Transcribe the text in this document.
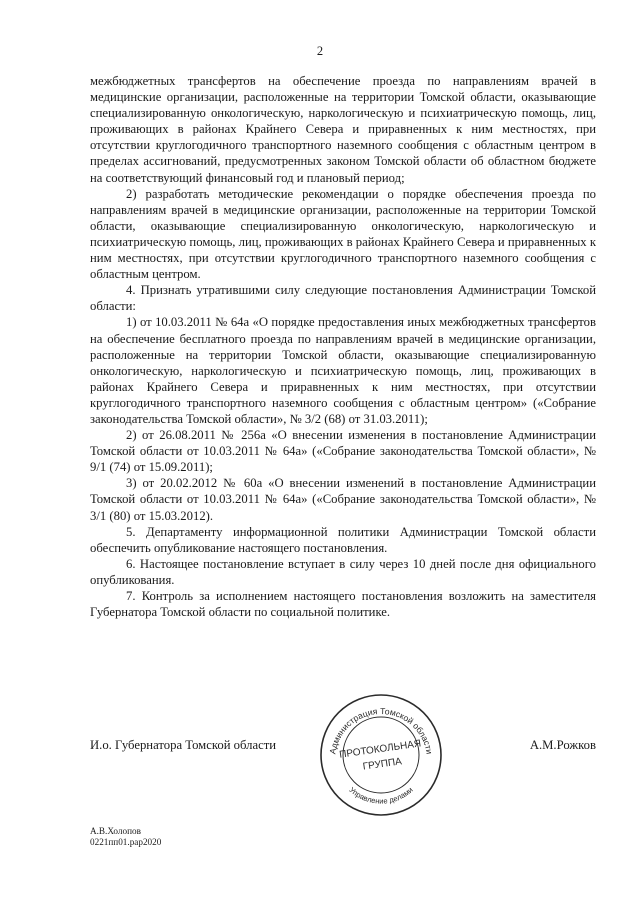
2

межбюджетных трансфертов на обеспечение проезда по направлениям врачей в медицинские организации, расположенные на территории Томской области, оказывающие специализированную онкологическую, наркологическую и психиатрическую помощь, лиц, проживающих в районах Крайнего Севера и приравненных к ним местностях, при отсутствии круглогодичного транспортного наземного сообщения с областным центром в пределах ассигнований, предусмотренных законом Томской области об областном бюджете на соответствующий финансовый год и плановый период;

2) разработать методические рекомендации о порядке обеспечения проезда по направлениям врачей в медицинские организации, расположенные на территории Томской области, оказывающие специализированную онкологическую, наркологическую и психиатрическую помощь, лиц, проживающих в районах Крайнего Севера и приравненных к ним местностях, при отсутствии круглогодичного транспортного наземного сообщения с областным центром.

4. Признать утратившими силу следующие постановления Администрации Томской области:

1) от 10.03.2011 № 64а «О порядке предоставления иных межбюджетных трансфертов на обеспечение бесплатного проезда по направлениям врачей в медицинские организации, расположенные на территории Томской области, оказывающие специализированную онкологическую, наркологическую и психиатрическую помощь, лиц, проживающих в районах Крайнего Севера и приравненных к ним местностях, при отсутствии круглогодичного транспортного наземного сообщения с областным центром» («Собрание законодательства Томской области», № 3/2 (68) от 31.03.2011);

2) от 26.08.2011 № 256а «О внесении изменения в постановление Администрации Томской области от 10.03.2011 № 64а» («Собрание законодательства Томской области», № 9/1 (74) от 15.09.2011);

3) от 20.02.2012 № 60а «О внесении изменений в постановление Администрации Томской области от 10.03.2011 № 64а» («Собрание законодательства Томской области», № 3/1 (80) от 15.03.2012).

5. Департаменту информационной политики Администрации Томской области обеспечить опубликование настоящего постановления.

6. Настоящее постановление вступает в силу через 10 дней после дня официального опубликования.

7. Контроль за исполнением настоящего постановления возложить на заместителя Губернатора Томской области по социальной политике.

И.о. Губернатора Томской области	А.М.Рожков
Администрация Томской области
Управление делами
ПРОТОКОЛЬНАЯ
ГРУППА
А.В.Холопов
0221пп01.рар2020
